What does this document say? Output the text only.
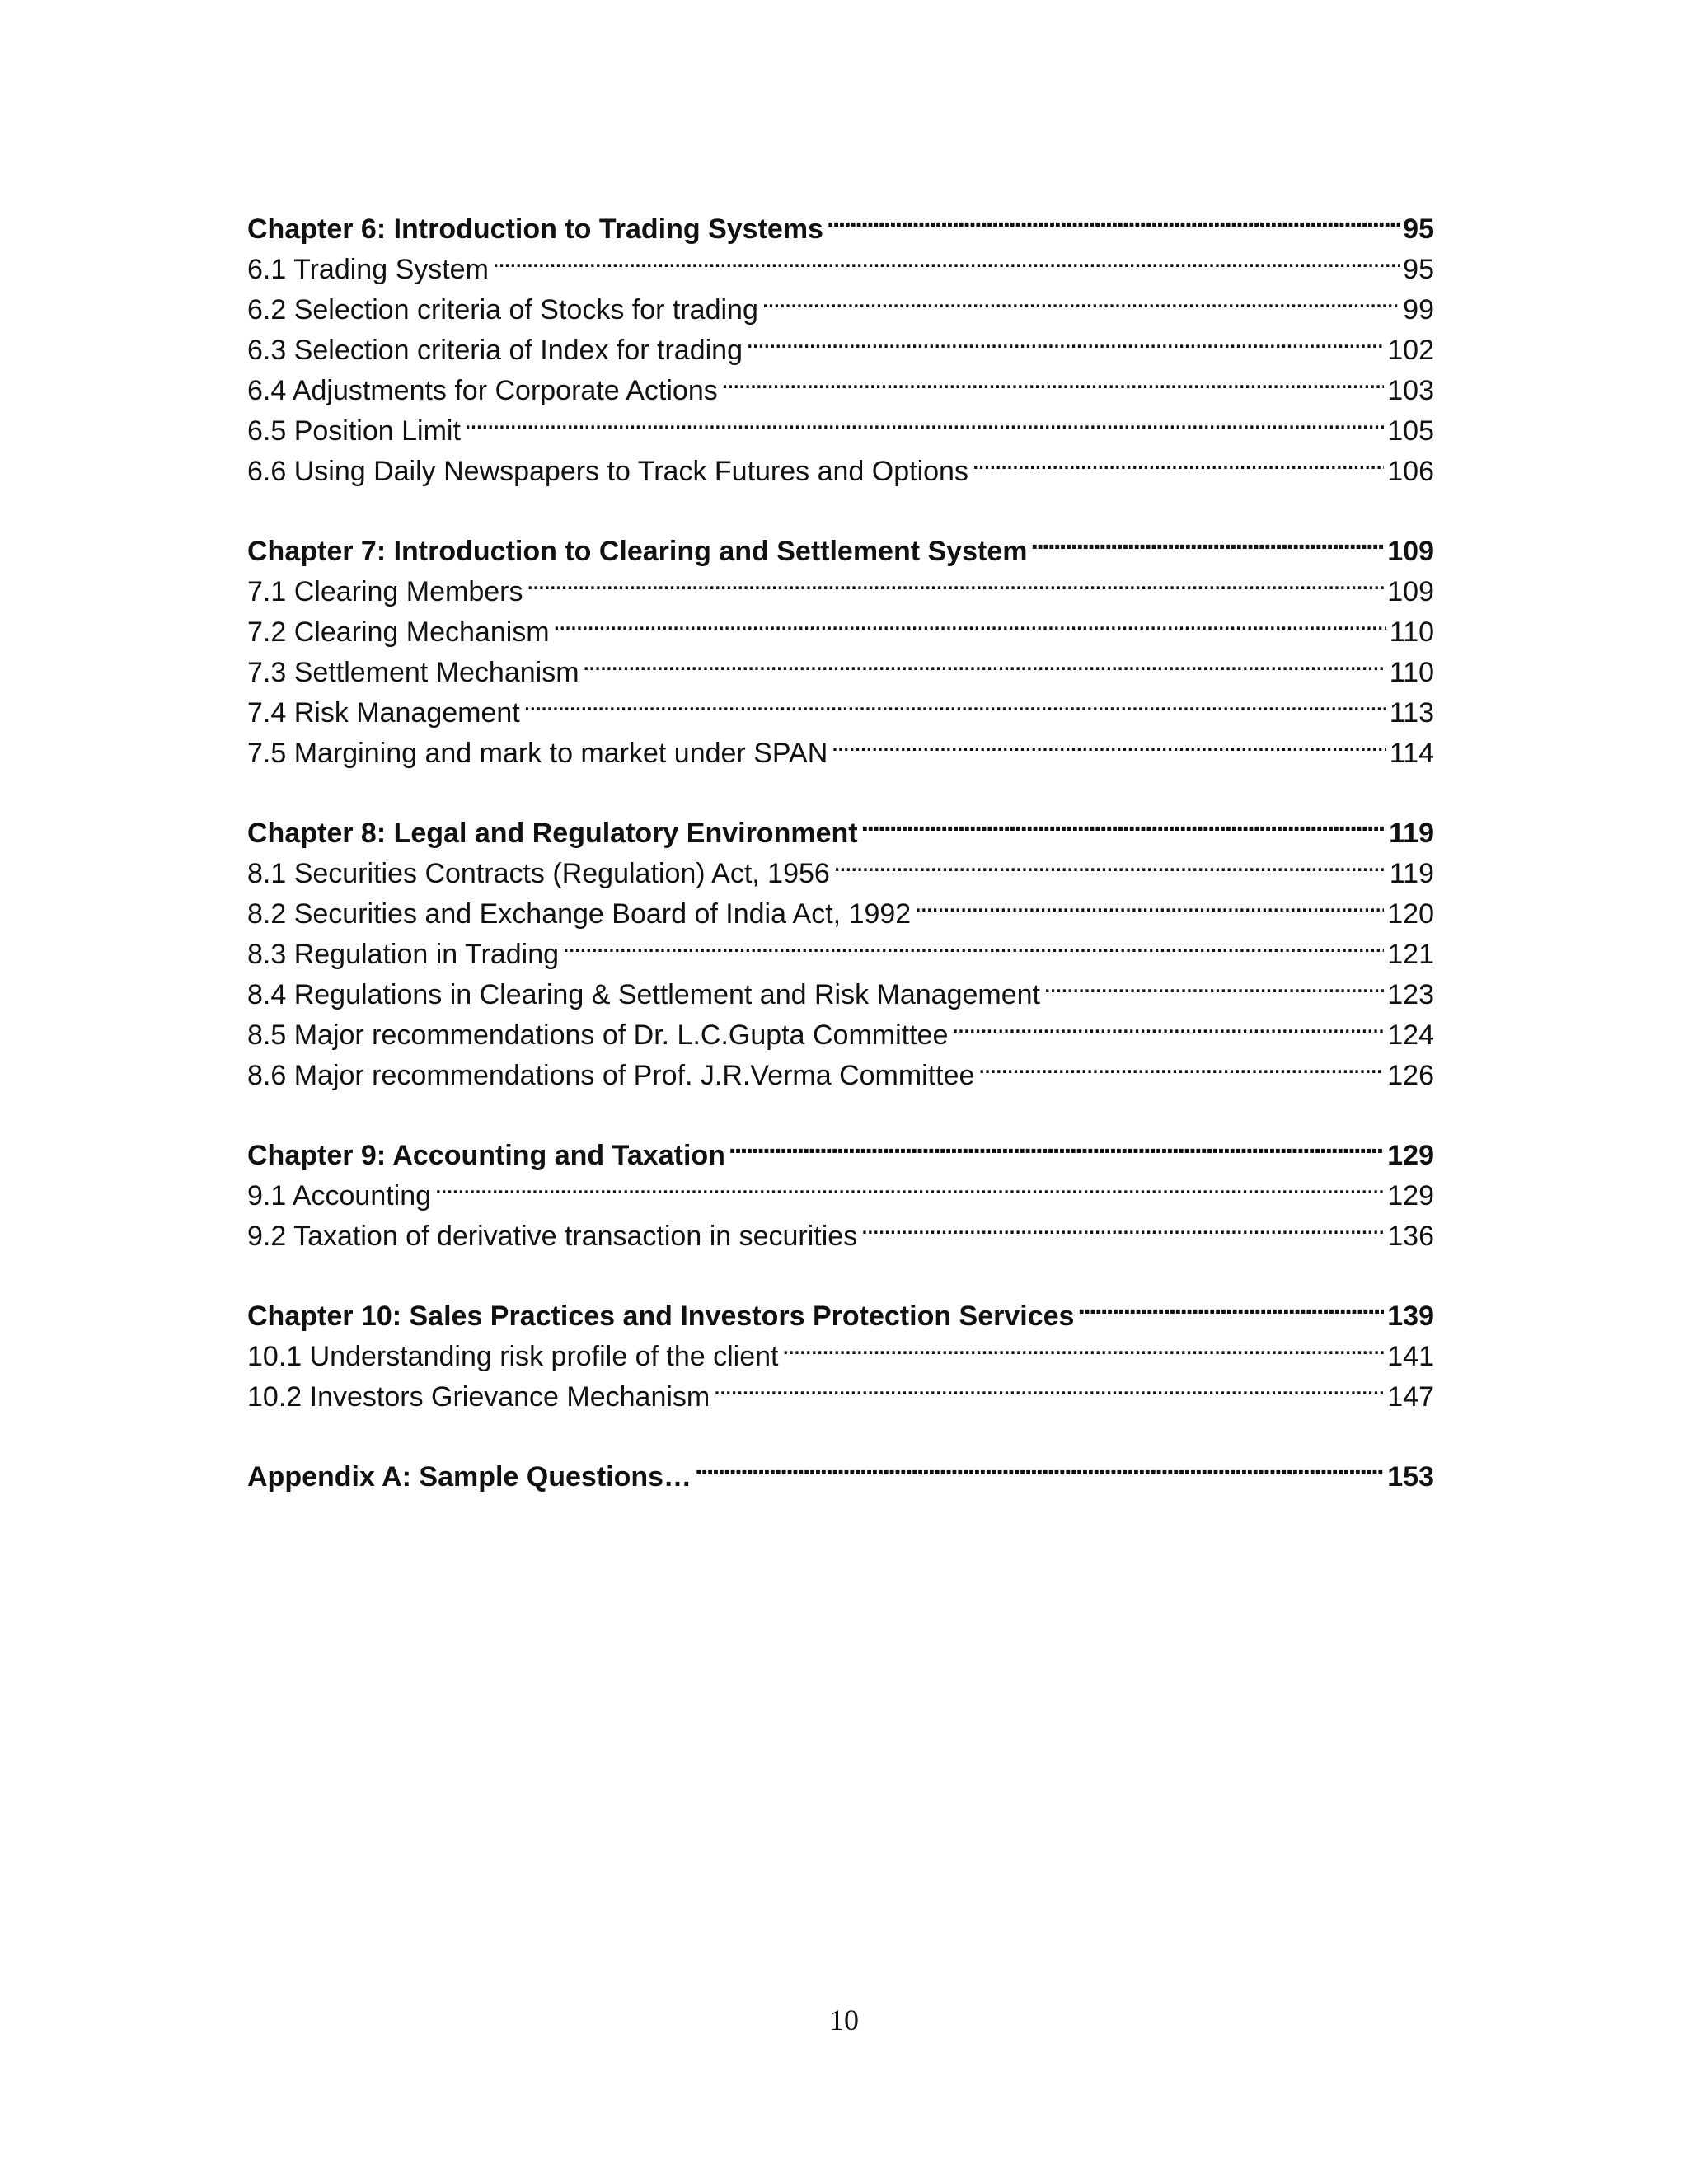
Chapter 6: Introduction to Trading Systems . . .	95
6.1 Trading System . . .	95
6.2 Selection criteria of Stocks for trading . . .	99
6.3 Selection criteria of Index for trading . . .	102
6.4 Adjustments for Corporate Actions . . .	103
6.5 Position Limit . . .	105
6.6 Using Daily Newspapers to Track Futures and Options . . .	106
Chapter 7: Introduction to Clearing and Settlement System . . .	109
7.1 Clearing Members . . .	109
7.2 Clearing Mechanism . . .	110
7.3 Settlement Mechanism . . .	110
7.4 Risk Management . . .	113
7.5 Margining and mark to market under SPAN . . .	114
Chapter 8: Legal and Regulatory Environment . . .	119
8.1 Securities Contracts (Regulation) Act, 1956 . . .	119
8.2 Securities and Exchange Board of India Act, 1992 . . .	120
8.3 Regulation in Trading . . .	121
8.4 Regulations in Clearing & Settlement and Risk Management . . .	123
8.5 Major recommendations of Dr. L.C.Gupta Committee . . .	124
8.6 Major recommendations of Prof. J.R.Verma Committee . . .	126
Chapter 9: Accounting and Taxation . . .	129
9.1 Accounting . . .	129
9.2 Taxation of derivative transaction in securities . . .	136
Chapter 10: Sales Practices and Investors Protection Services . . .	139
10.1 Understanding risk profile of the client . . .	141
10.2 Investors Grievance Mechanism . . .	147
Appendix A: Sample Questions… . . .	153
10
